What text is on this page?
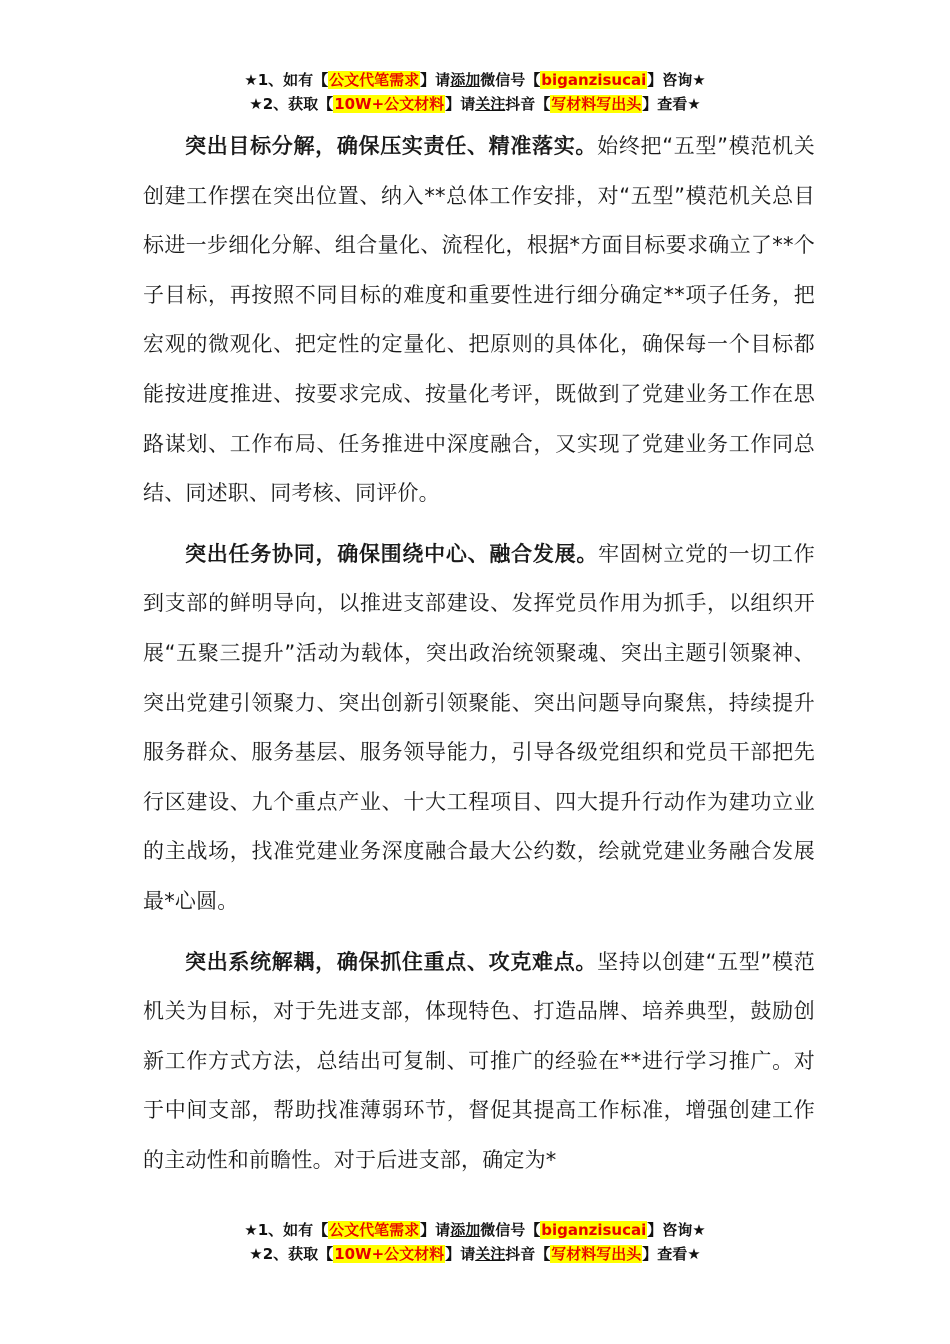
★1、如有【公文代笔需求】请添加微信号【biganzisucai】咨询★
★2、获取【10W+公文材料】请关注抖音【写材料写出头】查看★

突出目标分解，确保压实责任、精准落实。始终把“五型”模范机关创建工作摆在突出位置、纳入**总体工作安排，对“五型”模范机关总目标进一步细化分解、组合量化、流程化，根据*方面目标要求确立了**个子目标，再按照不同目标的难度和重要性进行细分确定**项子任务，把宏观的微观化、把定性的定量化、把原则的具体化，确保每一个目标都能按进度推进、按要求完成、按量化考评，既做到了党建业务工作在思路谋划、工作布局、任务推进中深度融合，又实现了党建业务工作同总结、同述职、同考核、同评价。

突出任务协同，确保围绕中心、融合发展。牢固树立党的一切工作到支部的鲜明导向，以推进支部建设、发挥党员作用为抓手，以组织开展“五聚三提升”活动为载体，突出政治统领聚魂、突出主题引领聚神、突出党建引领聚力、突出创新引领聚能、突出问题导向聚焦，持续提升服务群众、服务基层、服务领导能力，引导各级党组织和党员干部把先行区建设、九个重点产业、十大工程项目、四大提升行动作为建功立业的主战场，找准党建业务深度融合最大公约数，绘就党建业务融合发展最*心圆。

突出系统解耦，确保抓住重点、攻克难点。坚持以创建“五型”模范机关为目标，对于先进支部，体现特色、打造品牌、培养典型，鼓励创新工作方式方法，总结出可复制、可推广的经验在**进行学习推广。对于中间支部，帮助找准薄弱环节，督促其提高工作标准，增强创建工作的主动性和前瞻性。对于后进支部，确定为*

★1、如有【公文代笔需求】请添加微信号【biganzisucai】咨询★
★2、获取【10W+公文材料】请关注抖音【写材料写出头】查看★
